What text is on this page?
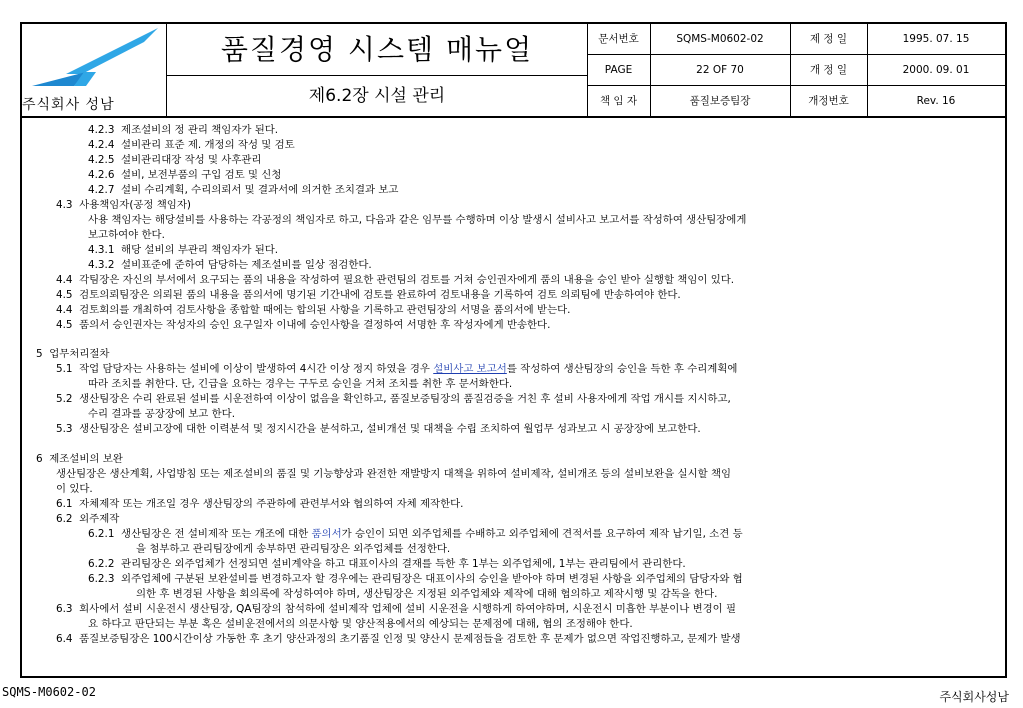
주식회사 성남
품질경영 시스템 매뉴얼
제6.2장 시설 관리
문서번호	SQMS-M0602-02	제 정 일	1995. 07. 15
PAGE	22 OF 70	개 정 일	2000. 09. 01
책 임 자	품질보증팀장	개정번호	Rev. 16
4.2.3  제조설비의 정 관리 책임자가 된다.
4.2.4  설비관리 표준 제. 개정의 작성 및 검토
4.2.5  설비관리대장 작성 및 사후관리
4.2.6  설비, 보전부품의 구입 검토 및 신청
4.2.7  설비 수리계획, 수리의뢰서 및 결과서에 의거한 조치결과 보고
4.3  사용책임자(공정 책임자)
사용 책임자는 해당설비를 사용하는 각공정의 책임자로 하고, 다음과 같은 임무를 수행하며 이상 발생시 설비사고 보고서를 작성하여 생산팀장에게
보고하여야 한다.
4.3.1  해당 설비의 부관리 책임자가 된다.
4.3.2  설비표준에 준하여 담당하는 제조설비를 일상 점검한다.
4.4  각팀장은 자신의 부서에서 요구되는 품의 내용을 작성하여 필요한 관련팀의 검토를 거쳐 승인권자에게 품의 내용을 승인 받아 실행할 책임이 있다.
4.5  검토의뢰팀장은 의뢰된 품의 내용을 품의서에 명기된 기간내에 검토를 완료하여 검토내용을 기록하여 검토 의뢰팀에 반송하여야 한다.
4.4  검토회의를 개최하여 검토사항을 종합할 때에는 합의된 사항을 기록하고 관련팀장의 서명을 품의서에 받는다.
4.5  품의서 승인권자는 작성자의 승인 요구일자 이내에 승인사항을 결정하여 서명한 후 작성자에게 반송한다.
5  업무처리절차
5.1  작업 담당자는 사용하는 설비에 이상이 발생하여 4시간 이상 정지 하였을 경우 설비사고 보고서를 작성하여 생산팀장의 승인을 득한 후 수리계획에
따라 조치를 취한다. 단, 긴급을 요하는 경우는 구두로 승인을 거쳐 조치를 취한 후 문서화한다.
5.2  생산팀장은 수리 완료된 설비를 시운전하여 이상이 없음을 확인하고, 품질보증팀장의 품질검증을 거친 후 설비 사용자에게 작업 개시를 지시하고,
수리 결과를 공장장에 보고 한다.
5.3  생산팀장은 설비고장에 대한 이력분석 및 정지시간을 분석하고, 설비개선 및 대책을 수립 조치하여 월업무 성과보고 시 공장장에 보고한다.
6  제조설비의 보완
생산팀장은 생산계획, 사업방침 또는 제조설비의 품질 및 기능향상과 완전한 재발방지 대책을 위하여 설비제작, 설비개조 등의 설비보완을 실시할 책임
이 있다.
6.1  자체제작 또는 개조일 경우 생산팀장의 주관하에 관련부서와 협의하여 자체 제작한다.
6.2  외주제작
6.2.1  생산팀장은 전 설비제작 또는 개조에 대한 품의서가 승인이 되면 외주업체를 수배하고 외주업체에 견적서를 요구하여 제작 납기일, 소견 등
을 첨부하고 관리팀장에게 송부하면 관리팀장은 외주업체를 선정한다.
6.2.2  관리팀장은 외주업체가 선정되면 설비계약을 하고 대표이사의 결재를 득한 후 1부는 외주업체에, 1부는 관리팀에서 관리한다.
6.2.3  외주업체에 구분된 보완설비를 변경하고자 할 경우에는 관리팀장은 대표이사의 승인을 받아야 하며 변경된 사항을 외주업체의 담당자와 협
의한 후 변경된 사항을 회의록에 작성하여야 하며, 생산팀장은 지정된 외주업체와 제작에 대해 협의하고 제작시행 및 감독을 한다.
6.3  회사에서 설비 시운전시 생산팀장, QA팀장의 참석하에 설비제작 업체에 설비 시운전을 시행하게 하여야하며, 시운전시 미흡한 부분이나 변경이 필
요 하다고 판단되는 부분 혹은 설비운전에서의 의문사항 및 양산적용에서의 예상되는 문제점에 대해, 협의 조정해야 한다.
6.4  품질보증팀장은 100시간이상 가동한 후 초기 양산과정의 초기품질 인정 및 양산시 문제점들을 검토한 후 문제가 없으면 작업진행하고, 문제가 발생
SQMS-M0602-02	주식회사성남
